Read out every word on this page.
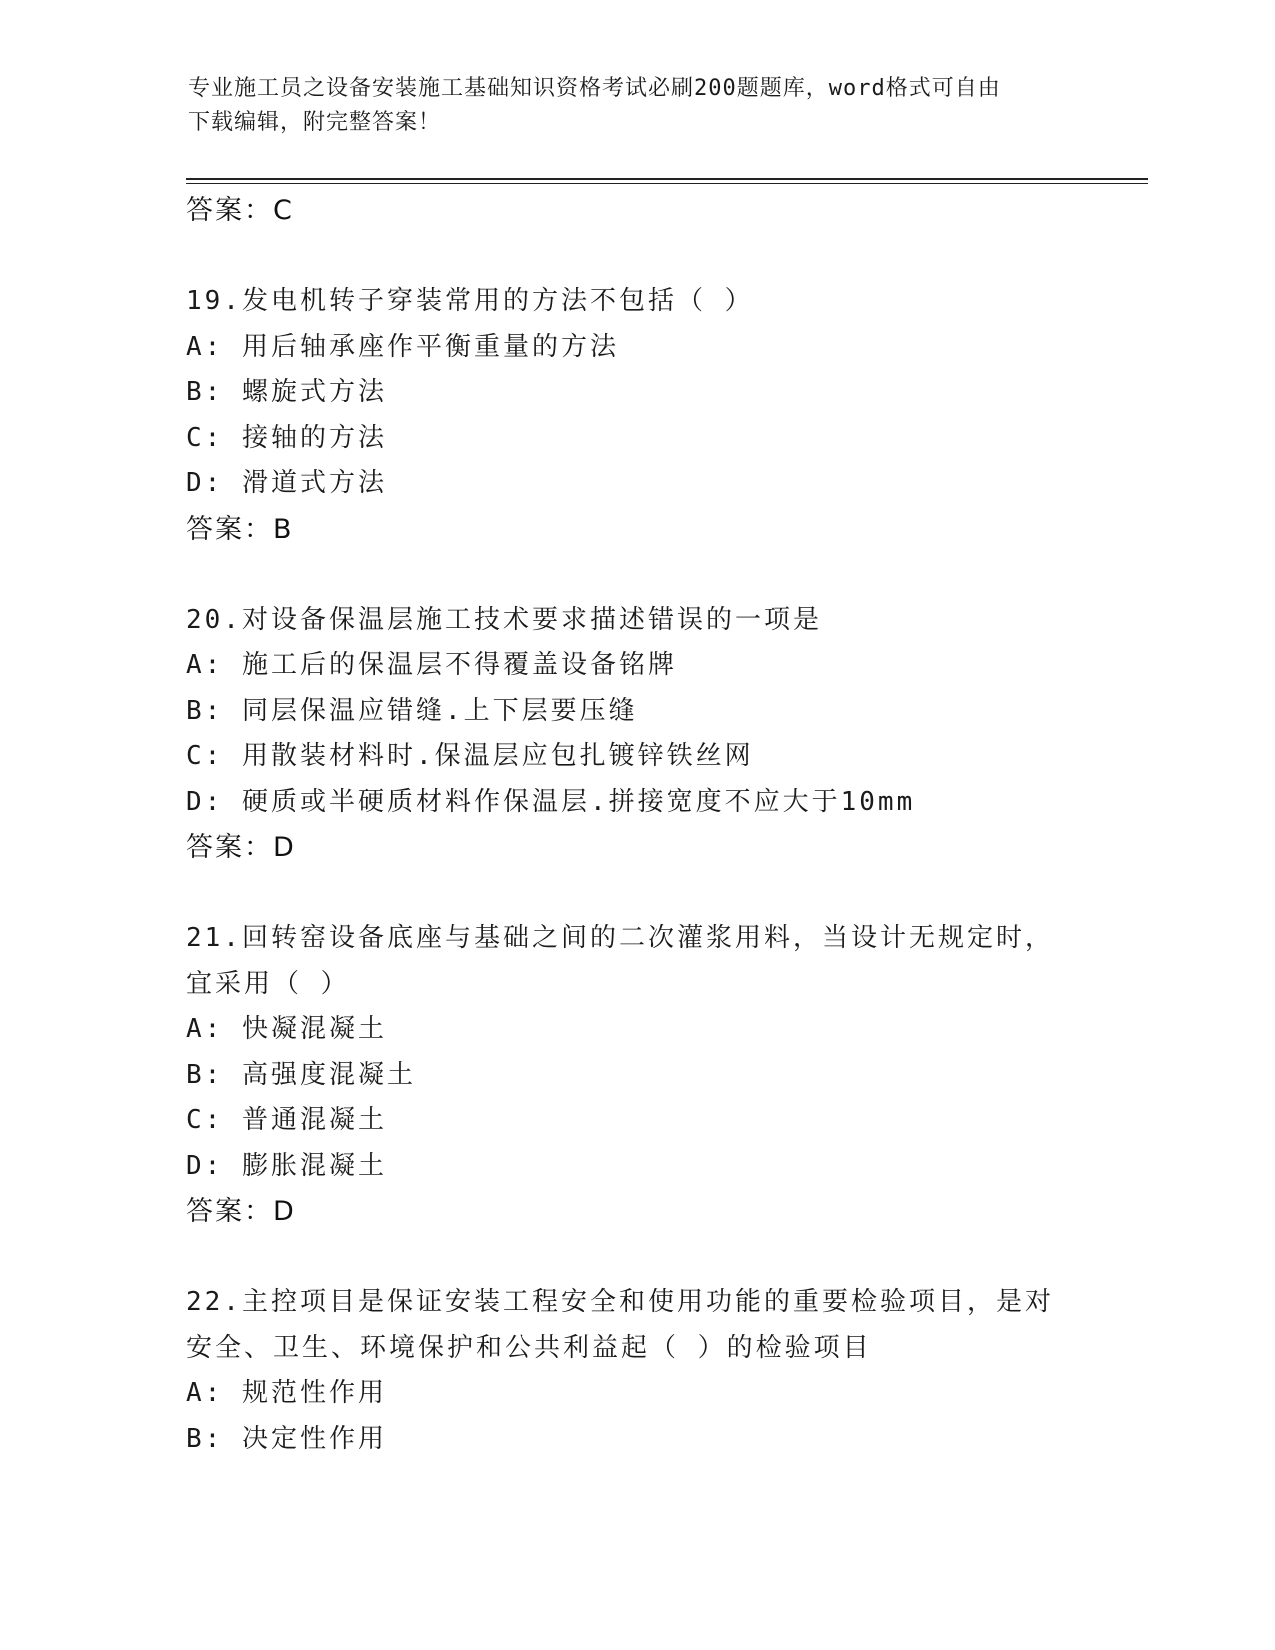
专业施工员之设备安装施工基础知识资格考试必刷200题题库，word格式可自由
下载编辑，附完整答案！
答案：C
19.发电机转子穿装常用的方法不包括（ ）
A: 用后轴承座作平衡重量的方法
B: 螺旋式方法
C: 接轴的方法
D: 滑道式方法
答案：B
20.对设备保温层施工技术要求描述错误的一项是
A: 施工后的保温层不得覆盖设备铭牌
B: 同层保温应错缝.上下层要压缝
C: 用散装材料时.保温层应包扎镀锌铁丝网
D: 硬质或半硬质材料作保温层.拼接宽度不应大于10mm
答案：D
21.回转窑设备底座与基础之间的二次灌浆用料，当设计无规定时，宜采用（ ）
A: 快凝混凝土
B: 高强度混凝土
C: 普通混凝土
D: 膨胀混凝土
答案：D
22.主控项目是保证安装工程安全和使用功能的重要检验项目，是对安全、卫生、环境保护和公共利益起（ ）的检验项目
A: 规范性作用
B: 决定性作用
